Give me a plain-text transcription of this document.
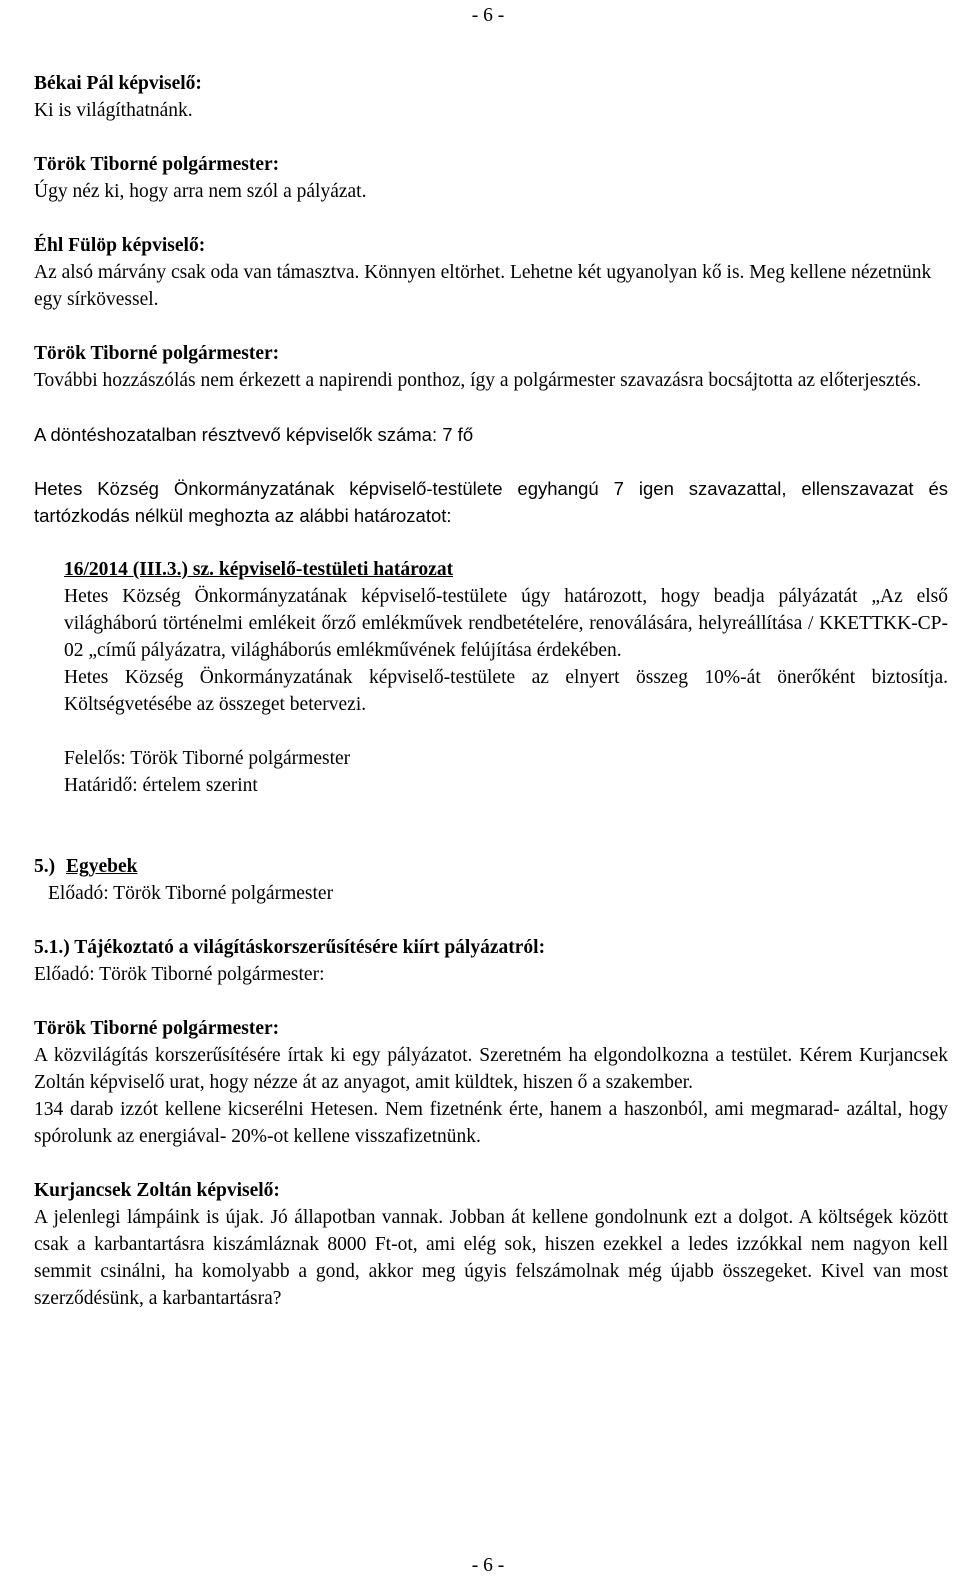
- 6 -

Békai Pál képviselő:

Ki is világíthatnánk.

Török Tiborné polgármester:

Úgy néz ki, hogy arra nem szól a pályázat.

Éhl Fülöp képviselő:

Az alsó márvány csak oda van támasztva. Könnyen eltörhet. Lehetne két ugyanolyan kő is. Meg kellene nézetnünk egy sírkövessel.

Török Tiborné polgármester:

További hozzászólás nem érkezett a napirendi ponthoz, így a polgármester szavazásra bocsájtotta az előterjesztés.

A döntéshozatalban résztvevő képviselők száma: 7 fő

Hetes Község Önkormányzatának képviselő-testülete egyhangú 7 igen szavazattal, ellenszavazat és tartózkodás nélkül meghozta az alábbi határozatot:

16/2014 (III.3.) sz. képviselő-testületi határozat

Hetes Község Önkormányzatának képviselő-testülete úgy határozott, hogy beadja pályázatát „Az első világháború történelmi emlékeit őrző emlékművek rendbetételére, renoválására, helyreállítása / KKETTKK-CP-02 „című pályázatra, világháborús emlékművének felújítása érdekében.

Hetes Község Önkormányzatának képviselő-testülete az elnyert összeg 10%-át önerőként biztosítja. Költségvetésébe az összeget betervezi.

Felelős: Török Tiborné polgármester

Határidő: értelem szerint

5.) Egyebek

Előadó: Török Tiborné polgármester

5.1.) Tájékoztató a világításkorszerűsítésére kiírt pályázatról:

Előadó: Török Tiborné polgármester:

Török Tiborné polgármester:

A közvilágítás korszerűsítésére írtak ki egy pályázatot. Szeretném ha elgondolkozna a testület. Kérem Kurjancsek Zoltán képviselő urat, hogy nézze át az anyagot, amit küldtek, hiszen ő a szakember.

134 darab izzót kellene kicserélni Hetesen. Nem fizetnénk érte, hanem a haszonból, ami megmarad- azáltal, hogy spórolunk az energiával- 20%-ot kellene visszafizetnünk.

Kurjancsek Zoltán képviselő:

A jelenlegi lámpáink is újak. Jó állapotban vannak. Jobban át kellene gondolnunk ezt a dolgot. A költségek között csak a karbantartásra kiszámláznak 8000 Ft-ot, ami elég sok, hiszen ezekkel a ledes izzókkal nem nagyon kell semmit csinálni, ha komolyabb a gond, akkor meg úgyis felszámolnak még újabb összegeket. Kivel van most szerződésünk, a karbantartásra?

- 6 -
